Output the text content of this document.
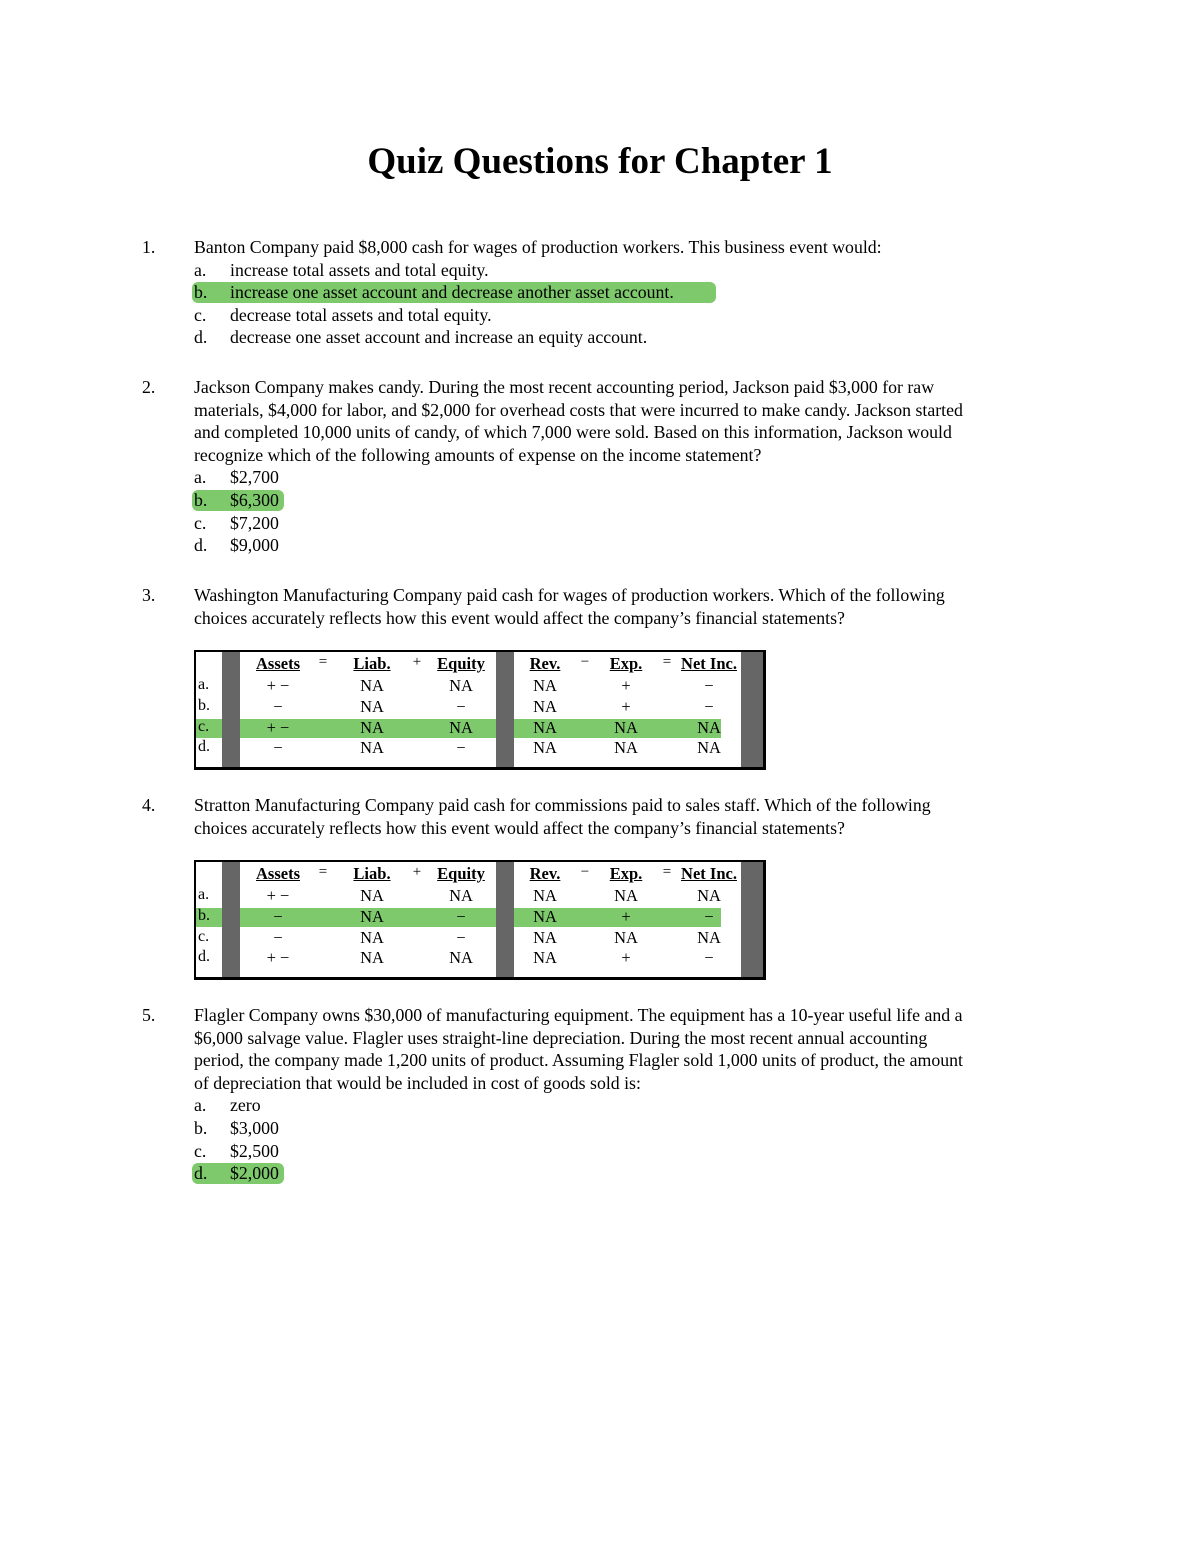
Quiz Questions for Chapter 1
1. Banton Company paid $8,000 cash for wages of production workers. This business event would:
a. increase total assets and total equity.
b. increase one asset account and decrease another asset account.
c. decrease total assets and total equity.
d. decrease one asset account and increase an equity account.
2. Jackson Company makes candy. During the most recent accounting period, Jackson paid $3,000 for raw
materials, $4,000 for labor, and $2,000 for overhead costs that were incurred to make candy. Jackson started
and completed 10,000 units of candy, of which 7,000 were sold. Based on this information, Jackson would
recognize which of the following amounts of expense on the income statement?
a. $2,700
b. $6,300
c. $7,200
d. $9,000
3. Washington Manufacturing Company paid cash for wages of production workers. Which of the following
choices accurately reflects how this event would affect the company’s financial statements?
Assets	Liab.	Equity	Rev.	Exp. Net Inc.
=	+	−	=
a.	+ −	NA	NA	NA	+	−
b.	−	NA	−	NA	+	−
c.	+ −	NA	NA	NA	NA	NA
d.	−	NA	−	NA	NA	NA
4. Stratton Manufacturing Company paid cash for commissions paid to sales staff. Which of the following
choices accurately reflects how this event would affect the company’s financial statements?
Assets	Liab.	Equity	Rev.	Exp. Net Inc.
=	+	−	=
a.	+ −	NA	NA	NA	NA	NA
b.	−	NA	−	NA	+	−
c.	−	NA	−	NA	NA	NA
d.	+ −	NA	NA	NA	+	−
5. Flagler Company owns $30,000 of manufacturing equipment. The equipment has a 10-year useful life and a
$6,000 salvage value. Flagler uses straight-line depreciation. During the most recent annual accounting
period, the company made 1,200 units of product. Assuming Flagler sold 1,000 units of product, the amount
of depreciation that would be included in cost of goods sold is:
a. zero
b. $3,000
c. $2,500
d. $2,000
